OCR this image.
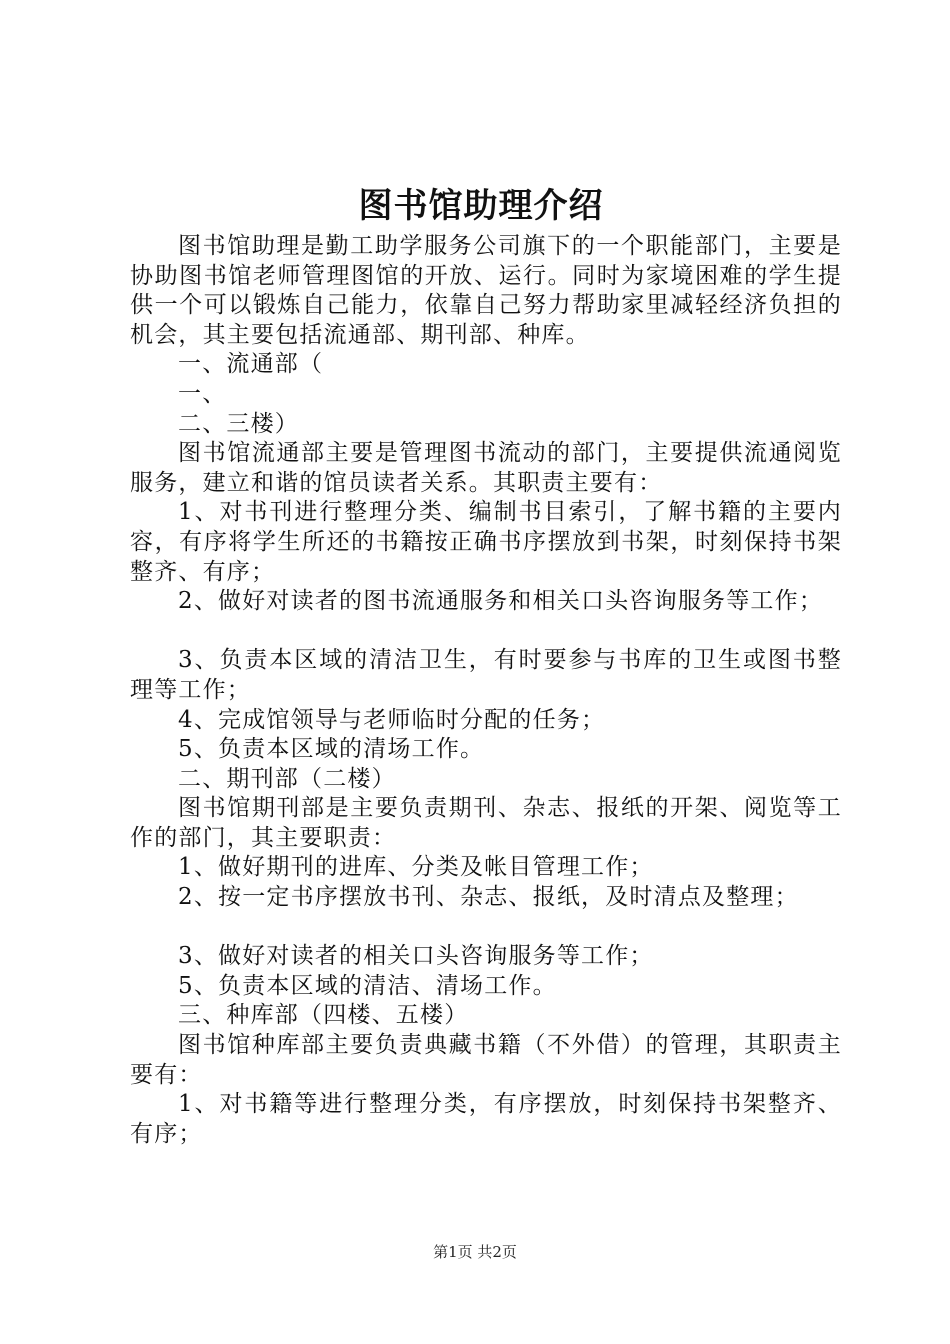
图书馆助理介绍

图书馆助理是勤工助学服务公司旗下的一个职能部门，主要是协助图书馆老师管理图馆的开放、运行。同时为家境困难的学生提供一个可以锻炼自己能力，依靠自己努力帮助家里减轻经济负担的机会，其主要包括流通部、期刊部、种库。

一、流通部（

一、

二、三楼）

图书馆流通部主要是管理图书流动的部门，主要提供流通阅览服务，建立和谐的馆员读者关系。其职责主要有：

1、对书刊进行整理分类、编制书目索引，了解书籍的主要内容，有序将学生所还的书籍按正确书序摆放到书架，时刻保持书架整齐、有序；

2、做好对读者的图书流通服务和相关口头咨询服务等工作；

3、负责本区域的清洁卫生，有时要参与书库的卫生或图书整理等工作；

4、完成馆领导与老师临时分配的任务；

5、负责本区域的清场工作。

二、期刊部（二楼）

图书馆期刊部是主要负责期刊、杂志、报纸的开架、阅览等工作的部门，其主要职责：

1、做好期刊的进库、分类及帐目管理工作；

2、按一定书序摆放书刊、杂志、报纸，及时清点及整理；

3、做好对读者的相关口头咨询服务等工作；

5、负责本区域的清洁、清场工作。

三、种库部（四楼、五楼）

图书馆种库部主要负责典藏书籍（不外借）的管理，其职责主要有：

1、对书籍等进行整理分类，有序摆放，时刻保持书架整齐、有序；

第1页 共2页
